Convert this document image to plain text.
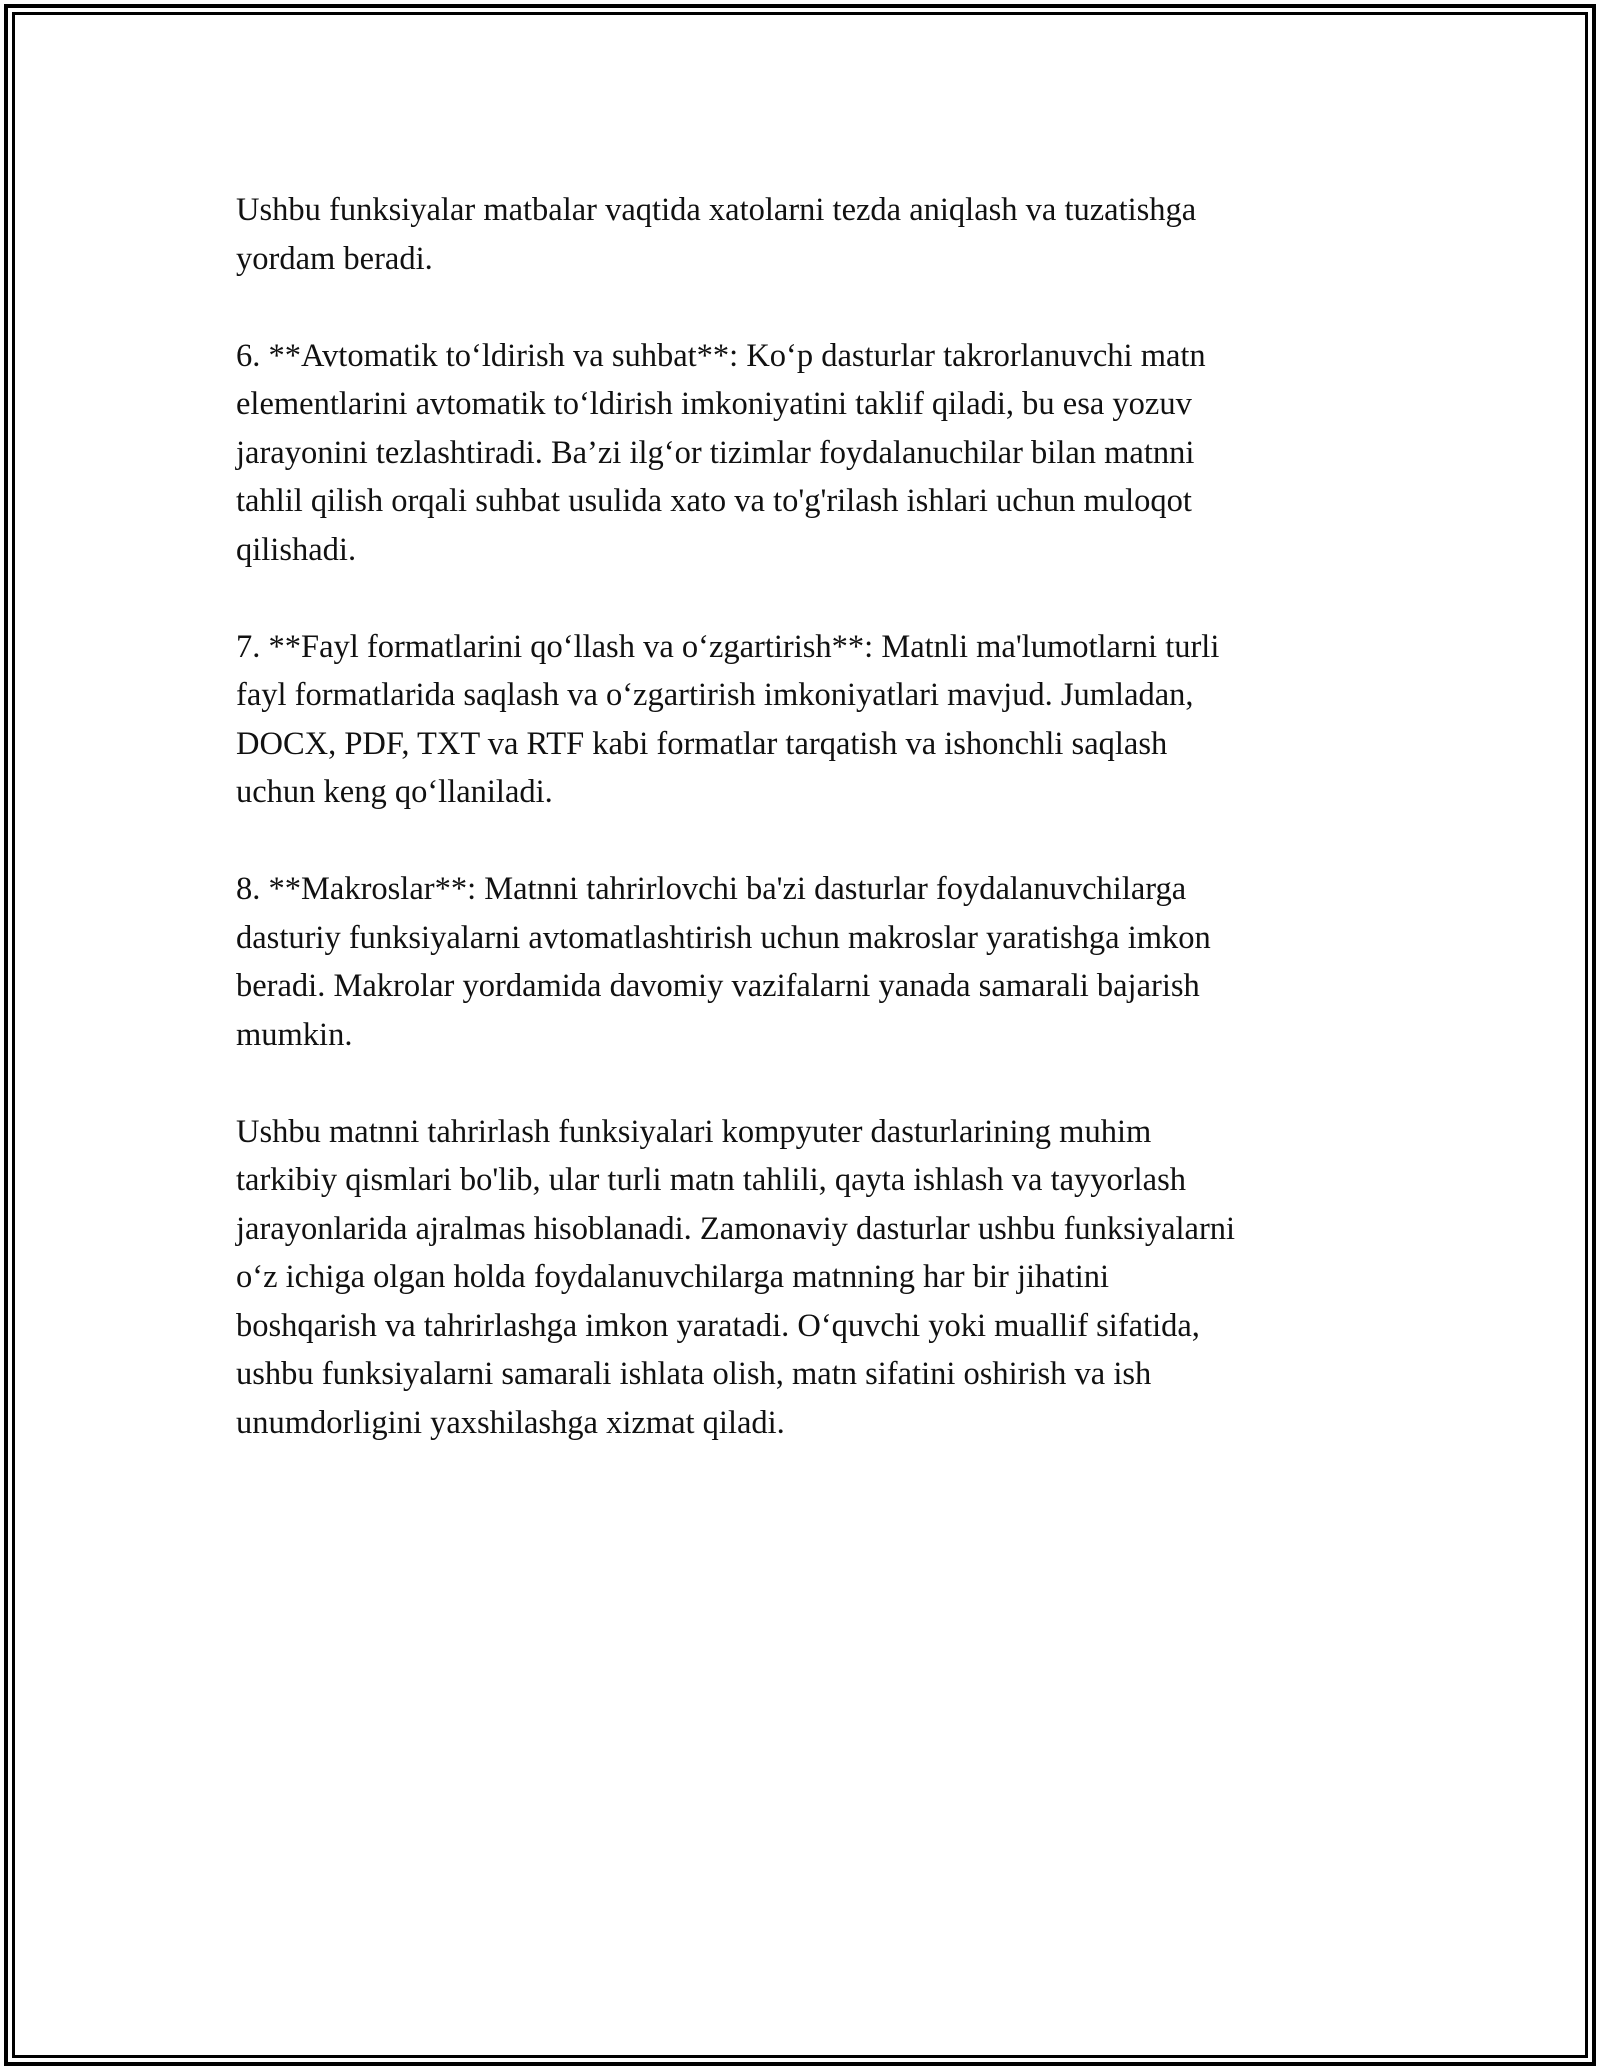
Ushbu funksiyalar matbalar vaqtida xatolarni tezda aniqlash va tuzatishga
yordam beradi.

6. **Avtomatik to‘ldirish va suhbat**: Ko‘p dasturlar takrorlanuvchi matn
elementlarini avtomatik to‘ldirish imkoniyatini taklif qiladi, bu esa yozuv
jarayonini tezlashtiradi. Ba’zi ilg‘or tizimlar foydalanuchilar bilan matnni
tahlil qilish orqali suhbat usulida xato va to'g'rilash ishlari uchun muloqot
qilishadi.

7. **Fayl formatlarini qo‘llash va o‘zgartirish**: Matnli ma'lumotlarni turli
fayl formatlarida saqlash va o‘zgartirish imkoniyatlari mavjud. Jumladan,
DOCX, PDF, TXT va RTF kabi formatlar tarqatish va ishonchli saqlash
uchun keng qo‘llaniladi.

8. **Makroslar**: Matnni tahrirlovchi ba'zi dasturlar foydalanuvchilarga
dasturiy funksiyalarni avtomatlashtirish uchun makroslar yaratishga imkon
beradi. Makrolar yordamida davomiy vazifalarni yanada samarali bajarish
mumkin.

Ushbu matnni tahrirlash funksiyalari kompyuter dasturlarining muhim
tarkibiy qismlari bo'lib, ular turli matn tahlili, qayta ishlash va tayyorlash
jarayonlarida ajralmas hisoblanadi. Zamonaviy dasturlar ushbu funksiyalarni
o‘z ichiga olgan holda foydalanuvchilarga matnning har bir jihatini
boshqarish va tahrirlashga imkon yaratadi. O‘quvchi yoki muallif sifatida,
ushbu funksiyalarni samarali ishlata olish, matn sifatini oshirish va ish
unumdorligini yaxshilashga xizmat qiladi.
